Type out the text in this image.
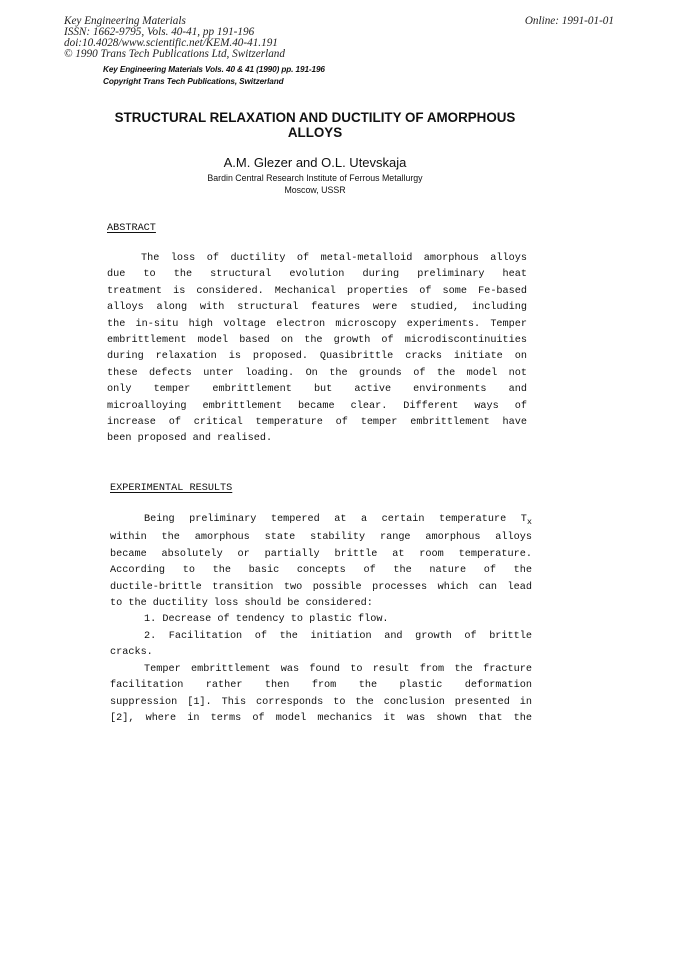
Key Engineering Materials
ISSN: 1662-9795, Vols. 40-41, pp 191-196
doi:10.4028/www.scientific.net/KEM.40-41.191
© 1990 Trans Tech Publications Ltd, Switzerland
Online: 1991-01-01
Key Engineering Materials Vols. 40 & 41 (1990) pp. 191-196
Copyright Trans Tech Publications, Switzerland
STRUCTURAL RELAXATION AND DUCTILITY OF AMORPHOUS
ALLOYS
A.M. Glezer and O.L. Utevskaja
Bardin Central Research Institute of Ferrous Metallurgy
Moscow, USSR
ABSTRACT
The loss of ductility of metal-metalloid amorphous alloys
due to the structural evolution during preliminary heat
treatment is considered. Mechanical properties of some Fe-based
alloys along with structural features were studied, including
the in-situ high voltage electron microscopy experiments. Temper
embrittlement model based on the growth of microdiscontinuities
during relaxation is proposed. Quasibrittle cracks initiate on
these defects unter loading. On the grounds of the model not
only temper embrittlement but active environments and
microalloying embrittlement became clear. Different ways of
increase of critical temperature of temper embrittlement have
been proposed and realised.
EXPERIMENTAL RESULTS
Being preliminary tempered at a certain temperature $T_x$
within the amorphous state stability range amorphous alloys
became absolutely or partially brittle at room temperature.
According to the basic concepts of the nature of the
ductile-brittle transition two possible processes which can lead
to the ductility loss should be considered:
1. Decrease of tendency to plastic flow.
2. Facilitation of the initiation and growth of brittle
cracks.
Temper embrittlement was found to result from the fracture
facilitation rather then from the plastic deformation
suppression [1]. This corresponds to the conclusion presented in
[2], where in terms of model mechanics it was shown that the
